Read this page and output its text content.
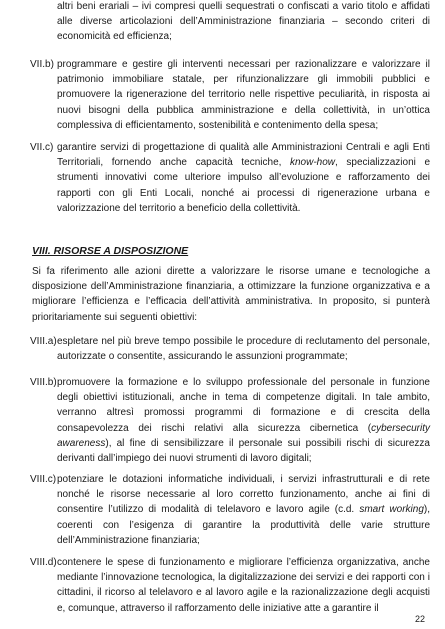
altri beni erariali – ivi compresi quelli sequestrati o confiscati a vario titolo e affidati alle diverse articolazioni dell’Amministrazione finanziaria – secondo criteri di economicità ed efficienza;

VII.b) programmare e gestire gli interventi necessari per razionalizzare e valorizzare il patrimonio immobiliare statale, per rifunzionalizzare gli immobili pubblici e promuovere la rigenerazione del territorio nelle rispettive peculiarità, in risposta ai nuovi bisogni della pubblica amministrazione e della collettività, in un’ottica complessiva di efficientamento, sostenibilità e contenimento della spesa;

VII.c) garantire servizi di progettazione di qualità alle Amministrazioni Centrali e agli Enti Territoriali, fornendo anche capacità tecniche, know-how, specializzazioni e strumenti innovativi come ulteriore impulso all’evoluzione e rafforzamento dei rapporti con gli Enti Locali, nonché ai processi di rigenerazione urbana e valorizzazione del territorio a beneficio della collettività.

VIII. RISORSE A DISPOSIZIONE

Si fa riferimento alle azioni dirette a valorizzare le risorse umane e tecnologiche a disposizione dell’Amministrazione finanziaria, a ottimizzare la funzione organizzativa e a migliorare l’efficienza e l’efficacia dell’attività amministrativa. In proposito, si punterà prioritariamente sui seguenti obiettivi:

VIII.a) espletare nel più breve tempo possibile le procedure di reclutamento del personale, autorizzate o consentite, assicurando le assunzioni programmate;

VIII.b) promuovere la formazione e lo sviluppo professionale del personale in funzione degli obiettivi istituzionali, anche in tema di competenze digitali. In tale ambito, verranno altresì promossi programmi di formazione e di crescita della consapevolezza dei rischi relativi alla sicurezza cibernetica (cybersecurity awareness), al fine di sensibilizzare il personale sui possibili rischi di sicurezza derivanti dall’impiego dei nuovi strumenti di lavoro digitali;

VIII.c) potenziare le dotazioni informatiche individuali, i servizi infrastrutturali e di rete nonché le risorse necessarie al loro corretto funzionamento, anche ai fini di consentire l’utilizzo di modalità di telelavoro e lavoro agile (c.d. smart working), coerenti con l’esigenza di garantire la produttività delle varie strutture dell’Amministrazione finanziaria;

VIII.d) contenere le spese di funzionamento e migliorare l’efficienza organizzativa, anche mediante l’innovazione tecnologica, la digitalizzazione dei servizi e dei rapporti con i cittadini, il ricorso al telelavoro e al lavoro agile e la razionalizzazione degli acquisti e, comunque, attraverso il rafforzamento delle iniziative atte a garantire il

22
